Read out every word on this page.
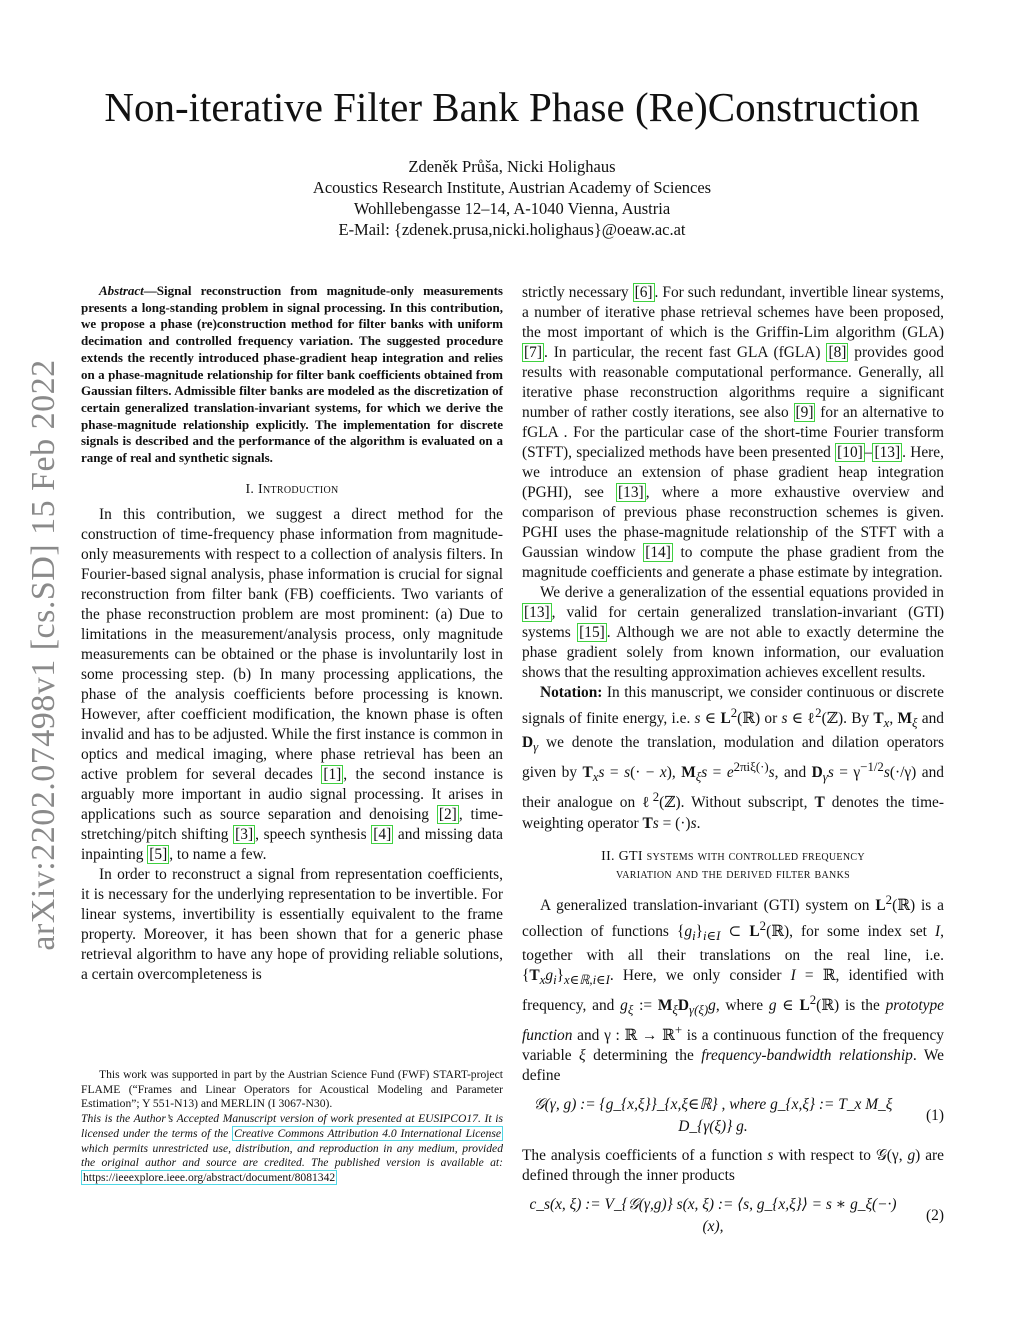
arXiv:2202.07498v1 [cs.SD] 15 Feb 2022
Non-iterative Filter Bank Phase (Re)Construction
Zdeněk Průša, Nicki Holighaus
Acoustics Research Institute, Austrian Academy of Sciences
Wohllebengasse 12–14, A-1040 Vienna, Austria
E-Mail: {zdenek.prusa,nicki.holighaus}@oeaw.ac.at

Abstract—Signal reconstruction from magnitude-only measurements presents a long-standing problem in signal processing. In this contribution, we propose a phase (re)construction method for filter banks with uniform decimation and controlled frequency variation. The suggested procedure extends the recently introduced phase-gradient heap integration and relies on a phase-magnitude relationship for filter bank coefficients obtained from Gaussian filters. Admissible filter banks are modeled as the discretization of certain generalized translation-invariant systems, for which we derive the phase-magnitude relationship explicitly. The implementation for discrete signals is described and the performance of the algorithm is evaluated on a range of real and synthetic signals.

I. Introduction

In this contribution, we suggest a direct method for the construction of time-frequency phase information from magnitude-only measurements with respect to a collection of analysis filters. In Fourier-based signal analysis, phase information is crucial for signal reconstruction from filter bank (FB) coefficients. Two variants of the phase reconstruction problem are most prominent: (a) Due to limitations in the measurement/analysis process, only magnitude measurements can be obtained or the phase is involuntarily lost in some processing step. (b) In many processing applications, the phase of the analysis coefficients before processing is known. However, after coefficient modification, the known phase is often invalid and has to be adjusted. While the first instance is common in optics and medical imaging, where phase retrieval has been an active problem for several decades [1] , the second instance is arguably more important in audio signal processing. It arises in applications such as source separation and denoising [2] , time-stretching/pitch shifting [3] , speech synthesis [4] and missing data inpainting [5] , to name a few.

In order to reconstruct a signal from representation coefficients, it is necessary for the underlying representation to be invertible. For linear systems, invertibility is essentially equivalent to the frame property. Moreover, it has been shown that for a generic phase retrieval algorithm to have any hope of providing reliable solutions, a certain overcompleteness is

This work was supported in part by the Austrian Science Fund (FWF) START-project FLAME (“Frames and Linear Operators for Acoustical Modeling and Parameter Estimation”; Y 551-N13) and MERLIN (I 3067-N30).

This is the Author’s Accepted Manuscript version of work presented at EUSIPCO17. It is licensed under the terms of the Creative Commons Attribution 4.0 International License which permits unrestricted use, distribution, and reproduction in any medium, provided the original author and source are credited. The published version is available at: https://ieeexplore.ieee.org/abstract/document/8081342

strictly necessary [6] . For such redundant, invertible linear systems, a number of iterative phase retrieval schemes have been proposed, the most important of which is the Griffin-Lim algorithm (GLA) [7] . In particular, the recent fast GLA (fGLA) [8] provides good results with reasonable computational performance. Generally, all iterative phase reconstruction algorithms require a significant number of rather costly iterations, see also [9] for an alternative to fGLA . For the particular case of the short-time Fourier transform (STFT), specialized methods have been presented [10] – [13] . Here, we introduce an extension of phase gradient heap integration (PGHI), see [13] , where a more exhaustive overview and comparison of previous phase reconstruction schemes is given. PGHI uses the phase-magnitude relationship of the STFT with a Gaussian window [14] to compute the phase gradient from the magnitude coefficients and generate a phase estimate by integration.

We derive a generalization of the essential equations provided in [13] , valid for certain generalized translation-invariant (GTI) systems [15] . Although we are not able to exactly determine the phase gradient solely from known information, our evaluation shows that the resulting approximation achieves excellent results.

Notation: In this manuscript, we consider continuous or discrete signals of finite energy, i.e. s ∈ $L^2(ℝ)$ or s ∈ ℓ$^2$(ℤ). By $T_x$, $M_\xi$ and $D_\gamma$ we denote the translation, modulation and dilation operators given by $T_xs = s(\cdot - x)$, $M_\xi s = e^{2\pi i\xi(\cdot)}s$, and $D_\gamma s = \gamma^{-1/2}s(\cdot/\gamma)$ and their analogue on ℓ$^2$(ℤ). Without subscript, T denotes the time-weighting operator Ts = (·)s.

II. GTI systems with controlled frequency
variation and the derived filter banks

A generalized translation-invariant (GTI) system on $L^2(ℝ)$ is a collection of functions $\{g_i\}_{i\in I}$ ⊂ $L^2(ℝ)$, for some index set I, together with all their translations on the real line, i.e. $\{T_xg_i\}_{x\in ℝ,i\in I}$. Here, we only consider I = ℝ, identified with frequency, and $g_\xi$ := $M_\xi D_{\gamma(\xi)}g$, where g ∈ $L^2(ℝ)$ is the prototype function and γ : ℝ → ℝ+ is a continuous function of the frequency variable ξ determining the frequency-bandwidth relationship. We define

𝒢(γ, g) := {g_{x,ξ}}_{x,ξ∈ℝ} , where g_{x,ξ} := T_x M_ξ D_{γ(ξ)} g.
(1)

The analysis coefficients of a function s with respect to 𝒢(γ, g) are defined through the inner products

c_s(x, ξ) := V_{𝒢(γ,g)} s(x, ξ) := ⟨s, g_{x,ξ}⟩ = s ∗ g_ξ(−·)(x),
(2)
